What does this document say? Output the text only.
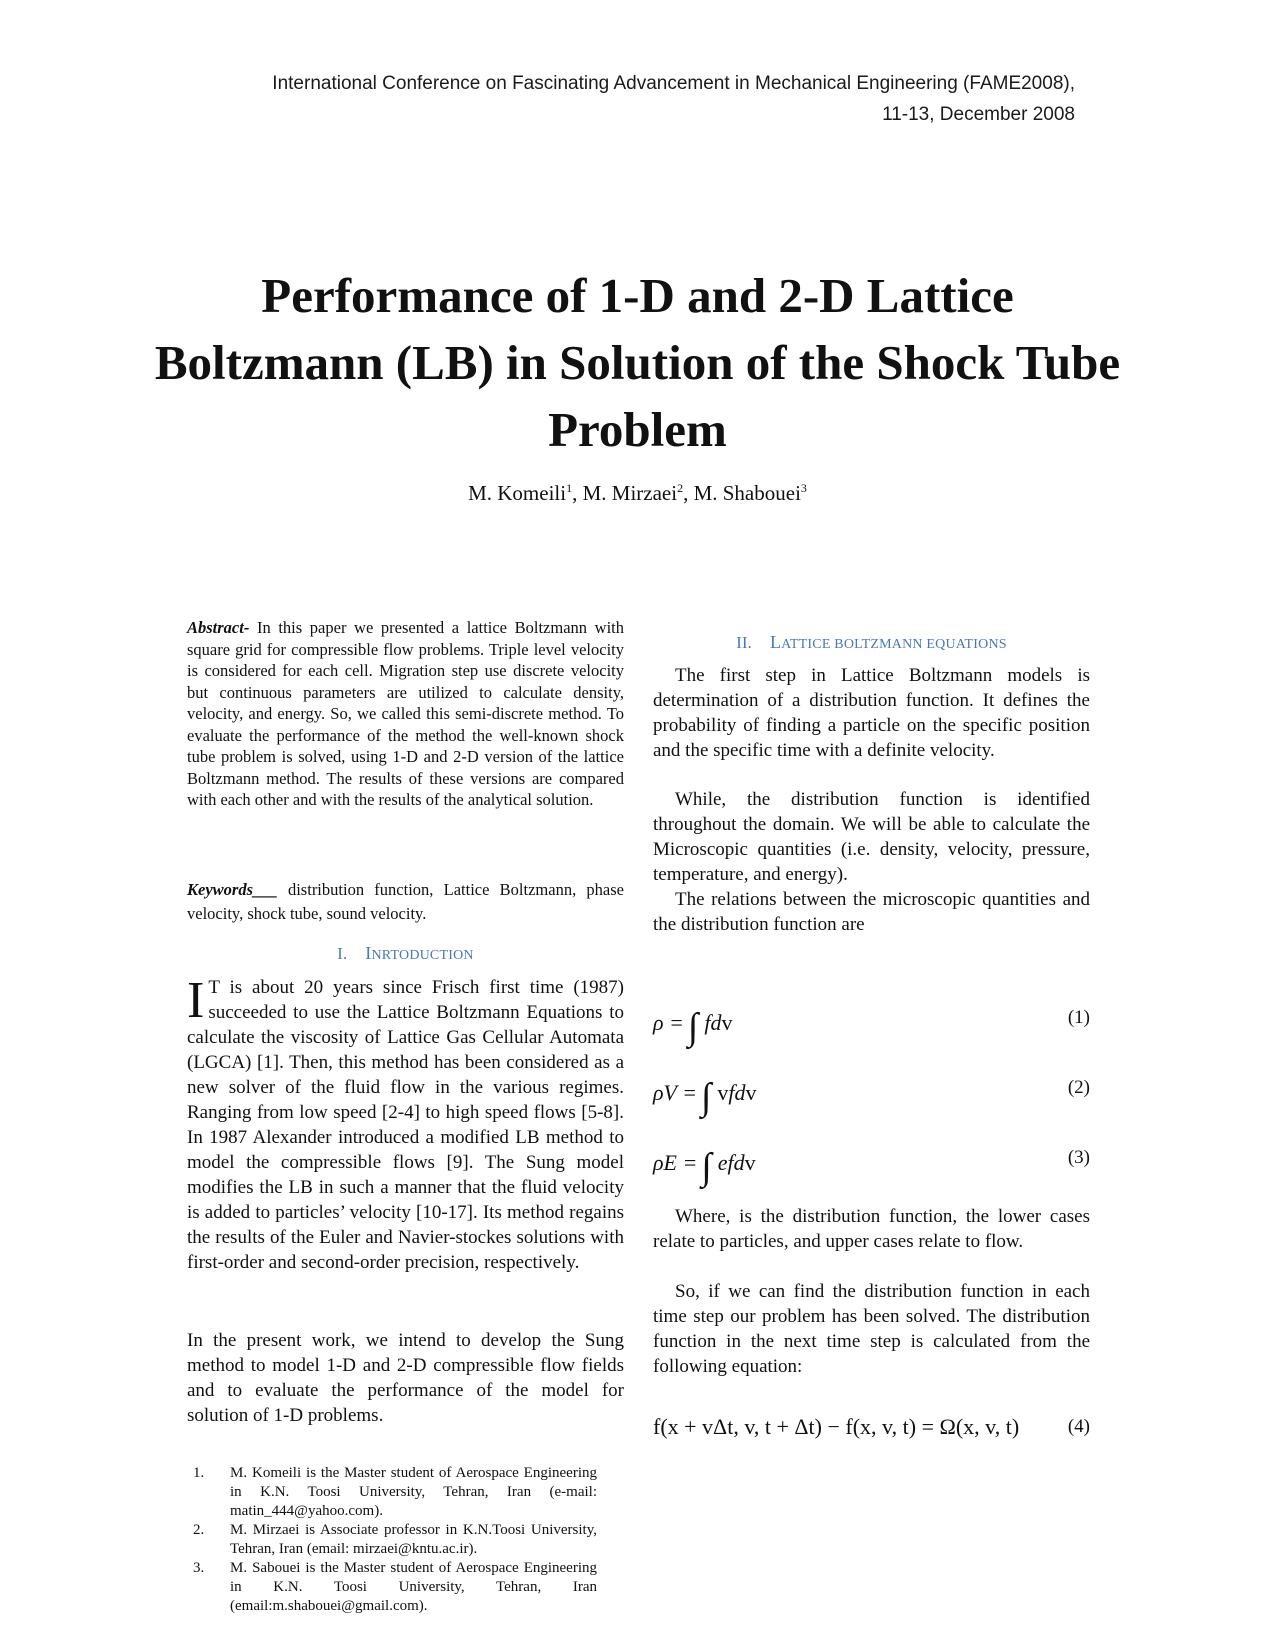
International Conference on Fascinating Advancement in Mechanical Engineering (FAME2008),
11-13, December 2008
Performance of 1-D and 2-D Lattice Boltzmann (LB) in Solution of the Shock Tube Problem
M. Komeili$^1$, M. Mirzaei$^2$, M. Shabouei$^3$

Abstract- In this paper we presented a lattice Boltzmann with square grid for compressible flow problems. Triple level velocity is considered for each cell. Migration step use discrete velocity but continuous parameters are utilized to calculate density, velocity, and energy. So, we called this semi-discrete method. To evaluate the performance of the method the well-known shock tube problem is solved, using 1-D and 2-D version of the lattice Boltzmann method. The results of these versions are compared with each other and with the results of the analytical solution.

Keywords___ distribution function, Lattice Boltzmann, phase velocity, shock tube, sound velocity.

I. INRTODUCTION

I T is about 20 years since Frisch first time (1987) succeeded to use the Lattice Boltzmann Equations to calculate the viscosity of Lattice Gas Cellular Automata (LGCA) [1]. Then, this method has been considered as a new solver of the fluid flow in the various regimes. Ranging from low speed [2-4] to high speed flows [5-8]. In 1987 Alexander introduced a modified LB method to model the compressible flows [9]. The Sung model modifies the LB in such a manner that the fluid velocity is added to particles’ velocity [10-17]. Its method regains the results of the Euler and Navier-stockes solutions with first-order and second-order precision, respectively.

In the present work, we intend to develop the Sung method to model 1-D and 2-D compressible flow fields and to evaluate the performance of the model for solution of 1-D problems.

1. M. Komeili is the Master student of Aerospace Engineering in K.N. Toosi University, Tehran, Iran (e-mail: matin_444@yahoo.com).
2. M. Mirzaei is Associate professor in K.N.Toosi University, Tehran, Iran (email: mirzaei@kntu.ac.ir).
3. M. Sabouei is the Master student of Aerospace Engineering in K.N. Toosi University, Tehran, Iran (email:m.shabouei@gmail.com).
II. LATTICE BOLTZMANN EQUATIONS

The first step in Lattice Boltzmann models is determination of a distribution function. It defines the probability of finding a particle on the specific position and the specific time with a definite velocity.

While, the distribution function is identified throughout the domain. We will be able to calculate the Microscopic quantities (i.e. density, velocity, pressure, temperature, and energy).

The relations between the microscopic quantities and the distribution function are

ρ = ∫ fdv	(1)
ρV = ∫ vfdv	(2)
ρE = ∫ efdv	(3)

Where, is the distribution function, the lower cases relate to particles, and upper cases relate to flow.

So, if we can find the distribution function in each time step our problem has been solved. The distribution function in the next time step is calculated from the following equation:

f(x + vΔt, v, t + Δt) − f(x, v, t) = Ω(x, v, t)	(4)
